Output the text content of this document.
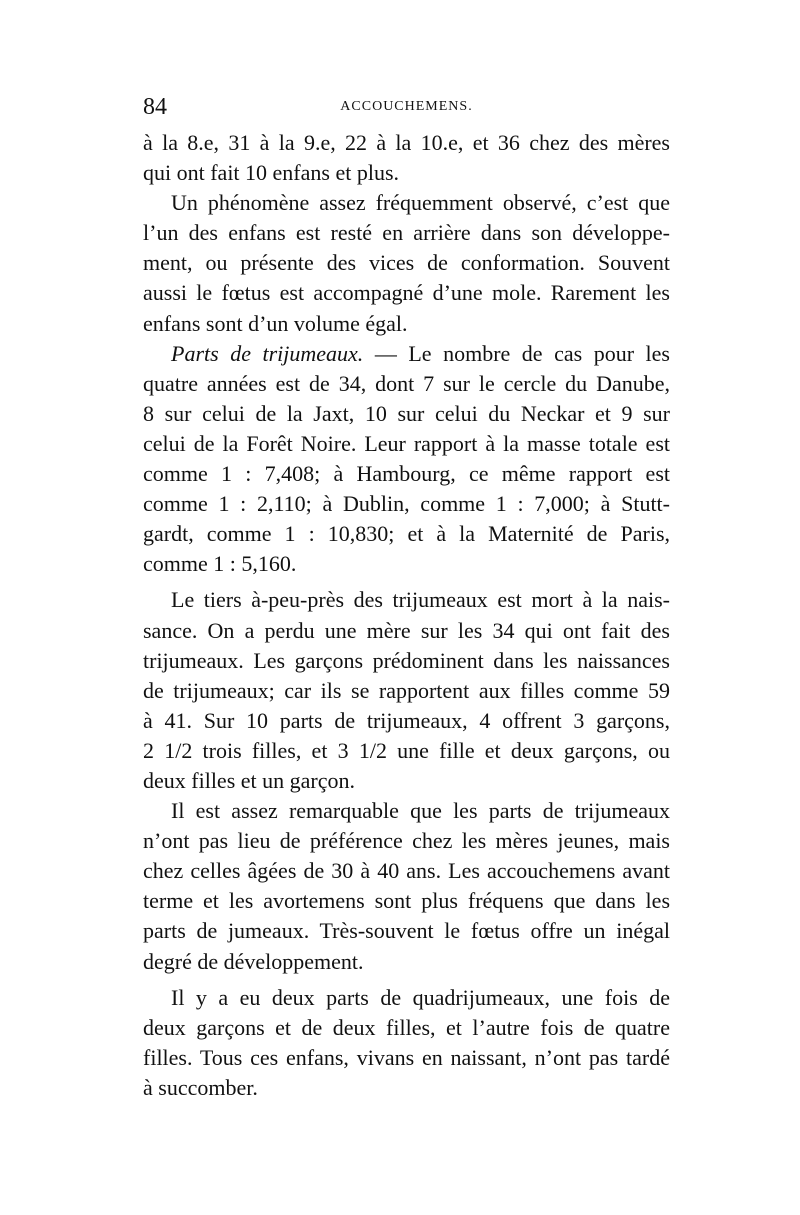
84	ACCOUCHEMENS.
à la 8.e, 31 à la 9.e, 22 à la 10.e, et 36 chez des mères
qui ont fait 10 enfans et plus.
Un phénomène assez fréquemment observé, c’est que
l’un des enfans est resté en arrière dans son développe-
ment, ou présente des vices de conformation. Souvent
aussi le fœtus est accompagné d’une mole. Rarement les
enfans sont d’un volume égal.
Parts de trijumeaux. — Le nombre de cas pour les
quatre années est de 34, dont 7 sur le cercle du Danube,
8 sur celui de la Jaxt, 10 sur celui du Neckar et 9 sur
celui de la Forêt Noire. Leur rapport à la masse totale est
comme 1 : 7,408; à Hambourg, ce même rapport est
comme 1 : 2,110; à Dublin, comme 1 : 7,000; à Stutt-
gardt, comme 1 : 10,830; et à la Maternité de Paris,
comme 1 : 5,160.
Le tiers à-peu-près des trijumeaux est mort à la nais-
sance. On a perdu une mère sur les 34 qui ont fait des
trijumeaux. Les garçons prédominent dans les naissances
de trijumeaux; car ils se rapportent aux filles comme 59
à 41. Sur 10 parts de trijumeaux, 4 offrent 3 garçons,
2 1/2 trois filles, et 3 1/2 une fille et deux garçons, ou
deux filles et un garçon.
Il est assez remarquable que les parts de trijumeaux
n’ont pas lieu de préférence chez les mères jeunes, mais
chez celles âgées de 30 à 40 ans. Les accouchemens avant
terme et les avortemens sont plus fréquens que dans les
parts de jumeaux. Très-souvent le fœtus offre un inégal
degré de développement.
Il y a eu deux parts de quadrijumeaux, une fois de
deux garçons et de deux filles, et l’autre fois de quatre
filles. Tous ces enfans, vivans en naissant, n’ont pas tardé
à succomber.
